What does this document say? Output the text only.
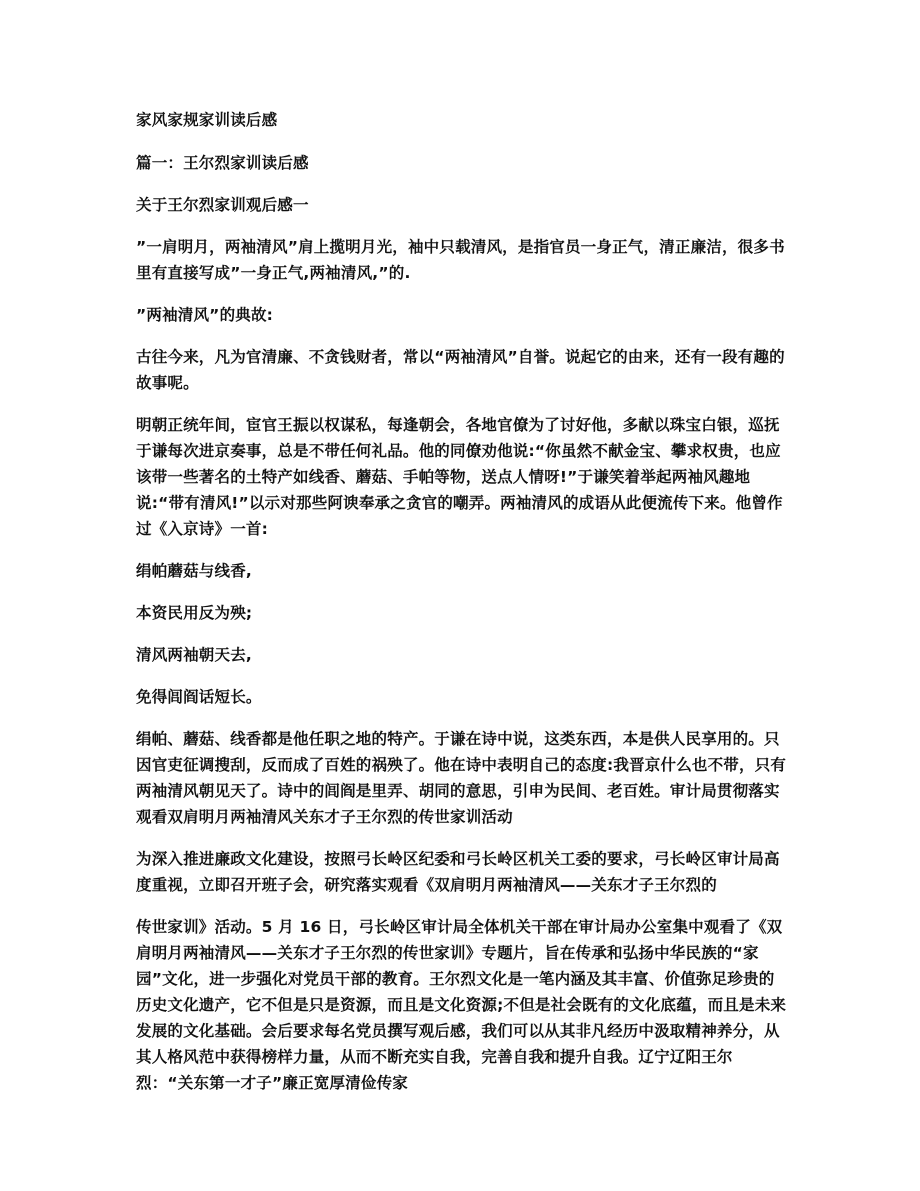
家风家规家训读后感

篇一：王尔烈家训读后感

关于王尔烈家训观后感一

”一肩明月，两袖清风”肩上揽明月光，袖中只载清风，是指官员一身正气，清正廉洁，很多书里有直接写成”一身正气,两袖清风,”的.

”两袖清风”的典故:

古往今来，凡为官清廉、不贪钱财者，常以“两袖清风”自誉。说起它的由来，还有一段有趣的故事呢。

明朝正统年间，宦官王振以权谋私，每逢朝会，各地官僚为了讨好他，多献以珠宝白银，巡抚于谦每次进京奏事，总是不带任何礼品。他的同僚劝他说:“你虽然不献金宝、攀求权贵，也应该带一些著名的土特产如线香、蘑菇、手帕等物，送点人情呀!”于谦笑着举起两袖风趣地说:“带有清风!”以示对那些阿谀奉承之贪官的嘲弄。两袖清风的成语从此便流传下来。他曾作过《入京诗》一首:

绢帕蘑菇与线香,

本资民用反为殃;

清风两袖朝天去,

免得闾阎话短长。

绢帕、蘑菇、线香都是他任职之地的特产。于谦在诗中说，这类东西，本是供人民享用的。只因官吏征调搜刮，反而成了百姓的祸殃了。他在诗中表明自己的态度:我晋京什么也不带，只有两袖清风朝见天了。诗中的闾阎是里弄、胡同的意思，引申为民间、老百姓。审计局贯彻落实观看双肩明月两袖清风关东才子王尔烈的传世家训活动

为深入推进廉政文化建设，按照弓长岭区纪委和弓长岭区机关工委的要求，弓长岭区审计局高度重视，立即召开班子会，研究落实观看《双肩明月两袖清风——关东才子王尔烈的

传世家训》活动。5 月 16 日，弓长岭区审计局全体机关干部在审计局办公室集中观看了《双肩明月两袖清风——关东才子王尔烈的传世家训》专题片，旨在传承和弘扬中华民族的“家园”文化，进一步强化对党员干部的教育。王尔烈文化是一笔内涵及其丰富、价值弥足珍贵的历史文化遗产，它不但是只是资源，而且是文化资源;不但是社会既有的文化底蕴，而且是未来发展的文化基础。会后要求每名党员撰写观后感，我们可以从其非凡经历中汲取精神养分，从其人格风范中获得榜样力量，从而不断充实自我，完善自我和提升自我。辽宁辽阳王尔烈：“关东第一才子”廉正宽厚清俭传家
